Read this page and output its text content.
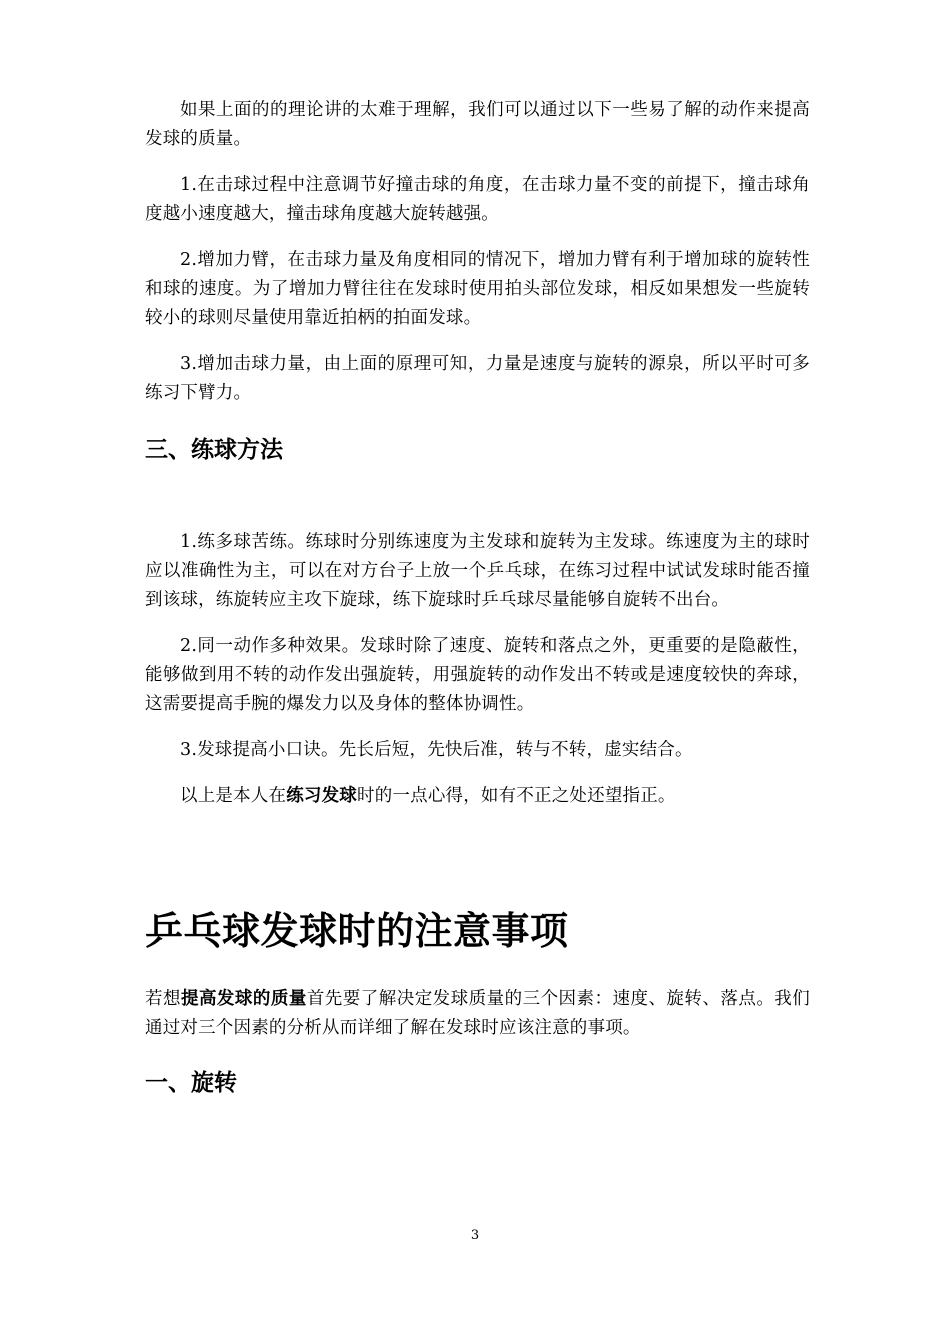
如果上面的的理论讲的太难于理解，我们可以通过以下一些易了解的动作来提高发球的质量。

1.在击球过程中注意调节好撞击球的角度，在击球力量不变的前提下，撞击球角度越小速度越大，撞击球角度越大旋转越强。

2.增加力臂，在击球力量及角度相同的情况下，增加力臂有利于增加球的旋转性和球的速度。为了增加力臂往往在发球时使用拍头部位发球，相反如果想发一些旋转较小的球则尽量使用靠近拍柄的拍面发球。

3.增加击球力量，由上面的原理可知，力量是速度与旋转的源泉，所以平时可多练习下臂力。

三、练球方法

1.练多球苦练。练球时分别练速度为主发球和旋转为主发球。练速度为主的球时应以准确性为主，可以在对方台子上放一个乒乓球，在练习过程中试试发球时能否撞到该球，练旋转应主攻下旋球，练下旋球时乒乓球尽量能够自旋转不出台。

2.同一动作多种效果。发球时除了速度、旋转和落点之外，更重要的是隐蔽性，能够做到用不转的动作发出强旋转，用强旋转的动作发出不转或是速度较快的奔球，这需要提高手腕的爆发力以及身体的整体协调性。

3.发球提高小口诀。先长后短，先快后准，转与不转，虚实结合。

以上是本人在练习发球时的一点心得，如有不正之处还望指正。

乒乓球发球时的注意事项

若想提高发球的质量首先要了解决定发球质量的三个因素：速度、旋转、落点。我们通过对三个因素的分析从而详细了解在发球时应该注意的事项。

一、旋转
3
